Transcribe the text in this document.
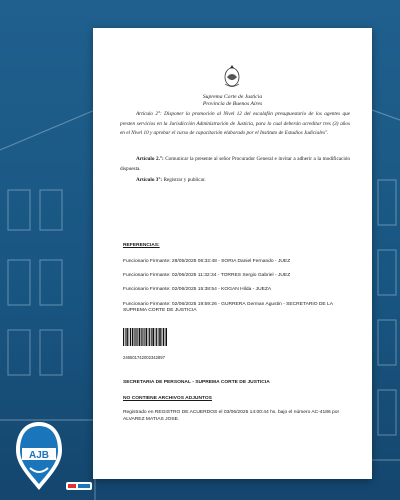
Suprema Corte de Justicia
Provincia de Buenos Aires
Artículo 2°: Disponer la promoción al Nivel 12 del escalafón presupuestario de los agentes que presten servicios en la Jurisdicción Administración de Justicia, para lo cual deberán acreditar tres (3) años en el Nivel 10 y aprobar el curso de capacitación elaborado por el Instituto de Estudios Judiciales".
Artículo 2.°: Comunicar la presente al señor Procurador General e invitar a adherir a la modificación dispuesta.
Artículo 3°: Registrar y publicar.
REFERENCIAS:
Funcionario Firmante: 28/05/2025 06:32:48 - SORIA Daniel Fernando - JUEZ
Funcionario Firmante: 02/06/2025 11:32:34 - TORRES Sergio Gabriel - JUEZ
Funcionario Firmante: 02/06/2025 15:38:54 - KOGAN Hilda - JUEZA
Funcionario Firmante: 02/06/2025 19:59:26 - GURRERA German Agustin - SECRETARIO DE LA SUPREMA CORTE DE JUSTICIA
246501742002342897
SECRETARIA DE PERSONAL - SUPREMA CORTE DE JUSTICIA
NO CONTIENE ARCHIVOS ADJUNTOS
Registrado en REGISTRO DE ACUERDOS el 03/06/2025 14:00:44 hs. bajo el número AC-4186 por ALVAREZ MATIAS JOSE.
AJB
